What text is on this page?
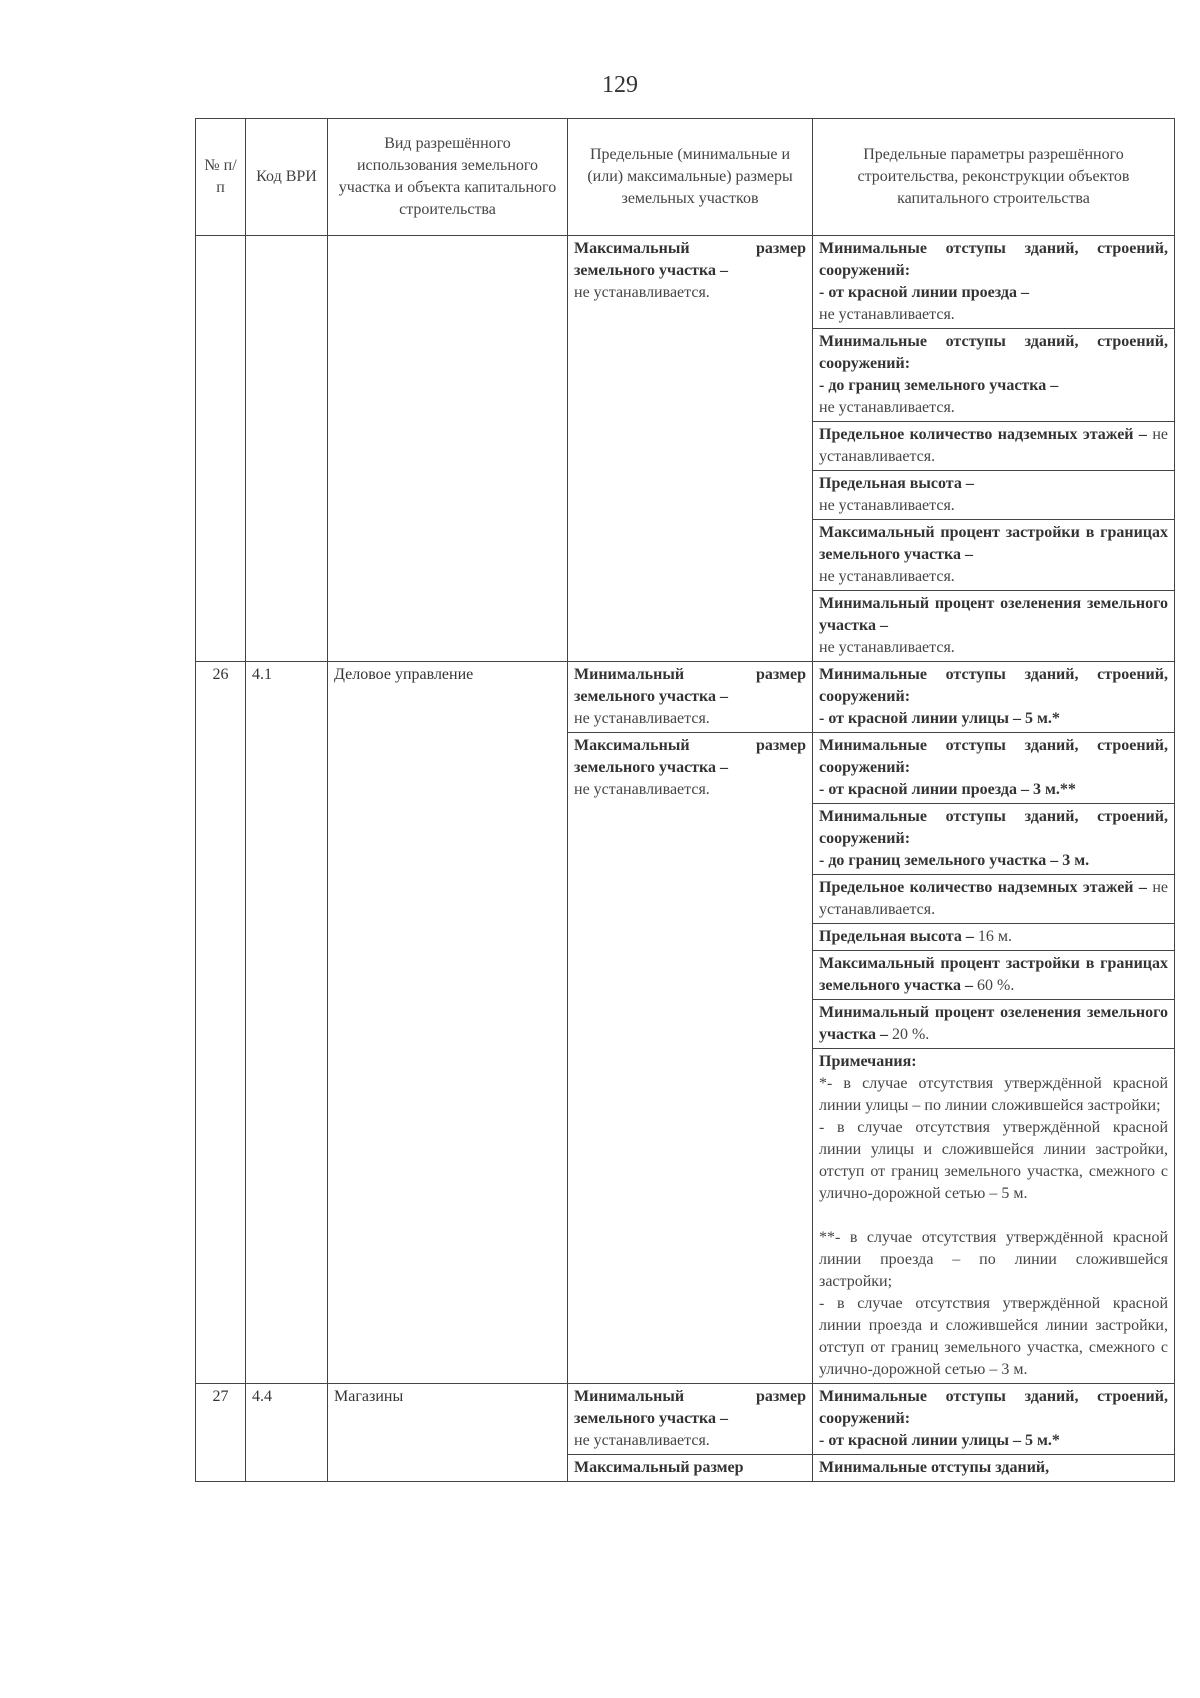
129
№ п/п	Код ВРИ	Вид разрешённого использования земельного участка и объекта капитального строительства	Предельные (минимальные и (или) максимальные) размеры земельных участков	Предельные параметры разрешённого строительства, реконструкции объектов капитального строительства
			Максимальный размер земельного участка –
не устанавливается.	Минимальные отступы зданий, строений, сооружений:
- от красной линии проезда –
не устанавливается.
				Минимальные отступы зданий, строений, сооружений:
- до границ земельного участка –
не устанавливается.
				Предельное количество надземных этажей – не устанавливается.
				Предельная высота –
не устанавливается.
				Максимальный процент застройки в границах земельного участка –
не устанавливается.
				Минимальный процент озеленения земельного участка –
не устанавливается.
26	4.1	Деловое управление	Минимальный размер земельного участка –
не устанавливается.	Минимальные отступы зданий, строений, сооружений:
- от красной линии улицы – 5 м.*
			Максимальный размер земельного участка –
не устанавливается.	Минимальные отступы зданий, строений, сооружений:
- от красной линии проезда – 3 м.**
				Минимальные отступы зданий, строений, сооружений:
- до границ земельного участка – 3 м.
				Предельное количество надземных этажей – не устанавливается.
				Предельная высота – 16 м.
				Максимальный процент застройки в границах земельного участка – 60 %.
				Минимальный процент озеленения земельного участка – 20 %.
				Примечания:
*- в случае отсутствия утверждённой красной линии улицы – по линии сложившейся застройки;
- в случае отсутствия утверждённой красной линии улицы и сложившейся линии застройки, отступ от границ земельного участка, смежного с улично-дорожной сетью – 5 м.
**- в случае отсутствия утверждённой красной линии проезда – по линии сложившейся застройки;
- в случае отсутствия утверждённой красной линии проезда и сложившейся линии застройки, отступ от границ земельного участка, смежного с улично-дорожной сетью – 3 м.
27	4.4	Магазины	Минимальный размер земельного участка –
не устанавливается.	Минимальные отступы зданий, строений, сооружений:
- от красной линии улицы – 5 м.*
			Максимальный размер	Минимальные отступы зданий,
